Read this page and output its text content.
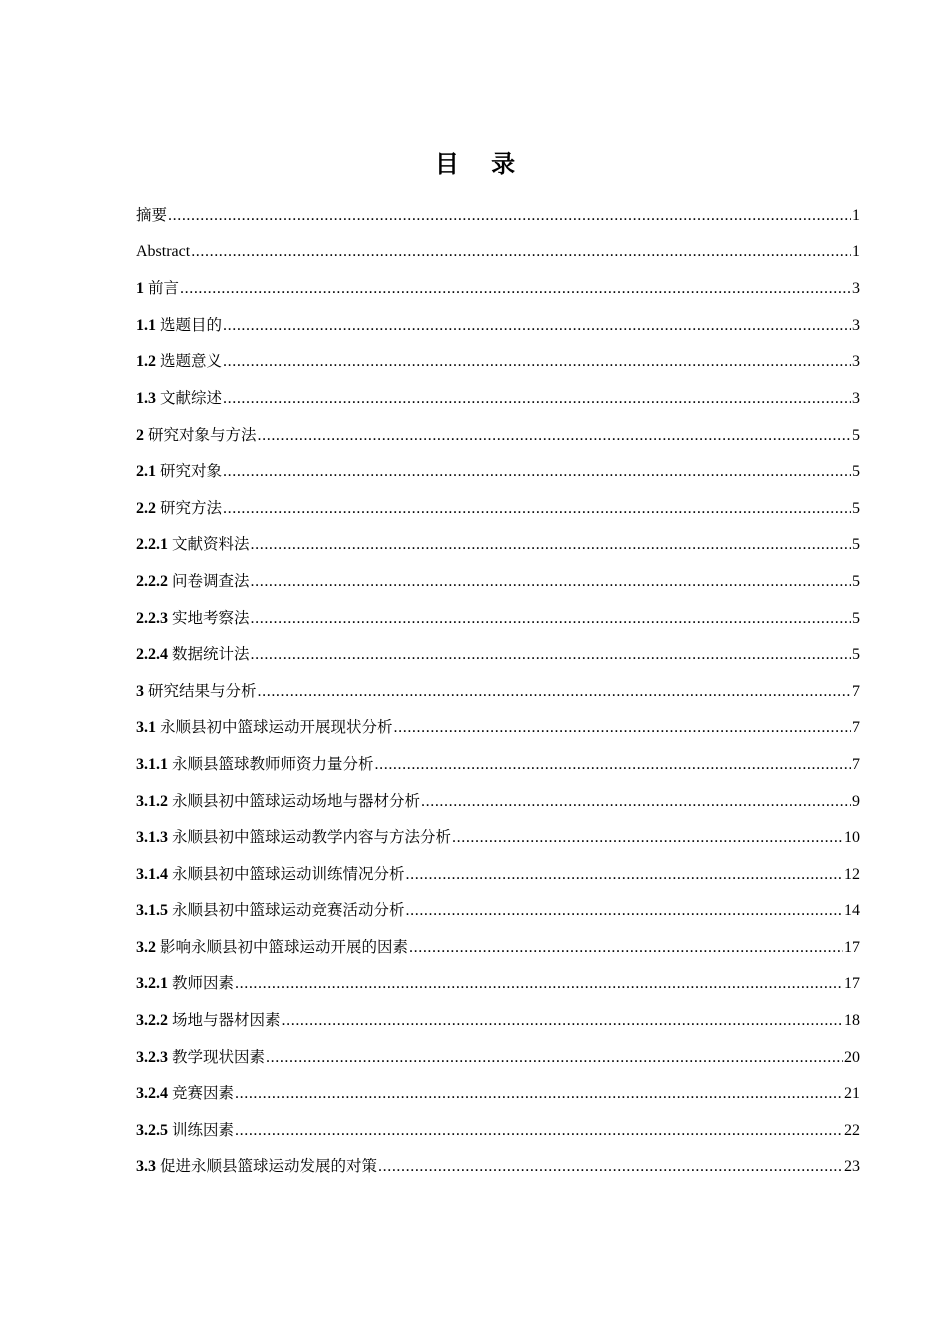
目 录
摘要 .....	1
Abstract .....	1
1 前言 .....	3
1.1 选题目的 .....	3
1.2 选题意义 .....	3
1.3 文献综述 .....	3
2 研究对象与方法 .....	5
2.1 研究对象 .....	5
2.2 研究方法 .....	5
2.2.1 文献资料法 .....	5
2.2.2 问卷调查法 .....	5
2.2.3 实地考察法 .....	5
2.2.4 数据统计法 .....	5
3 研究结果与分析 .....	7
3.1 永顺县初中篮球运动开展现状分析 .....	7
3.1.1 永顺县篮球教师师资力量分析 .....	7
3.1.2 永顺县初中篮球运动场地与器材分析 .....	9
3.1.3 永顺县初中篮球运动教学内容与方法分析 .....	10
3.1.4 永顺县初中篮球运动训练情况分析 .....	12
3.1.5 永顺县初中篮球运动竞赛活动分析 .....	14
3.2 影响永顺县初中篮球运动开展的因素 .....	17
3.2.1 教师因素 .....	17
3.2.2 场地与器材因素 .....	18
3.2.3 教学现状因素 .....	20
3.2.4 竞赛因素 .....	21
3.2.5 训练因素 .....	22
3.3 促进永顺县篮球运动发展的对策 .....	23
